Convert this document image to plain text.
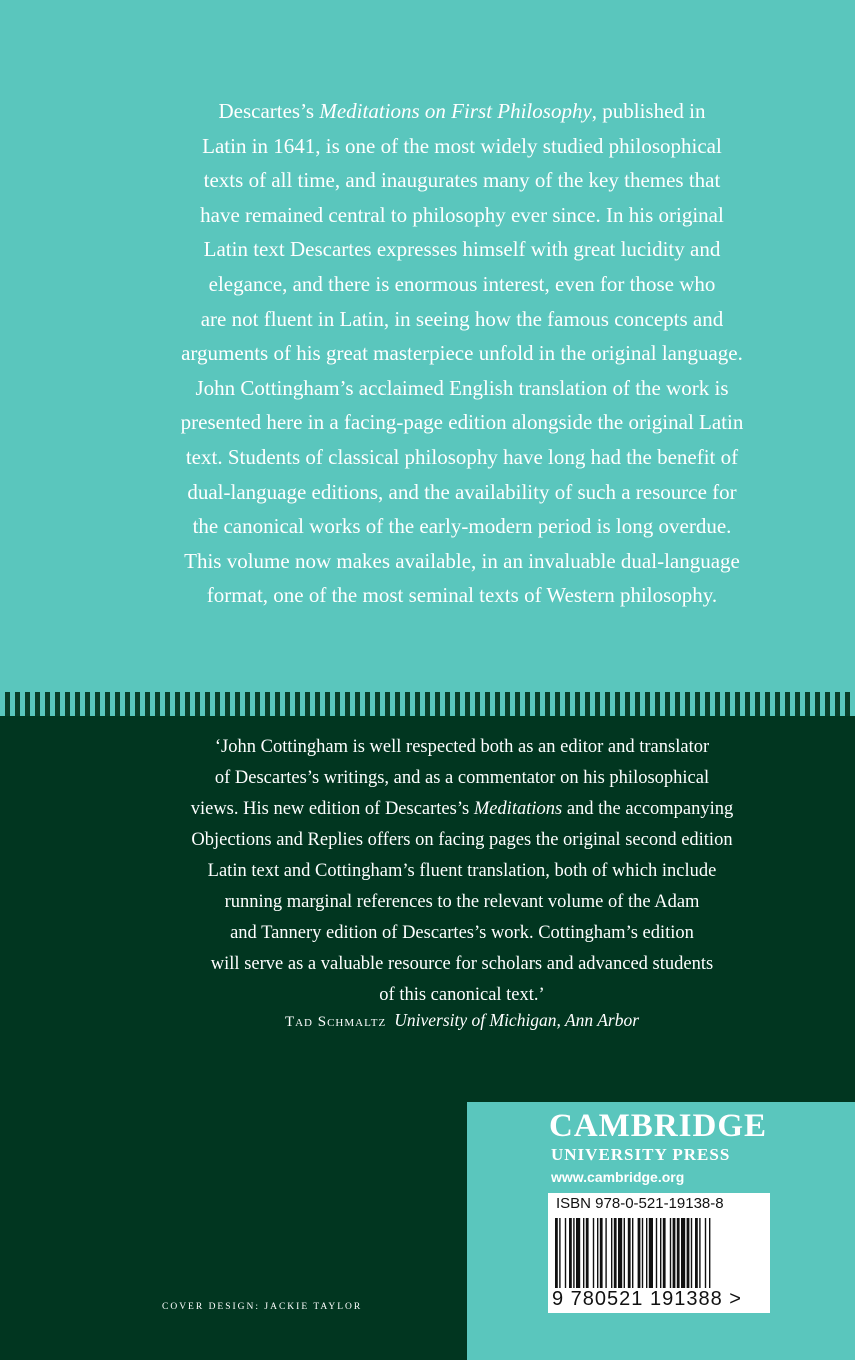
Descartes’s Meditations on First Philosophy, published in
Latin in 1641, is one of the most widely studied philosophical
texts of all time, and inaugurates many of the key themes that
have remained central to philosophy ever since. In his original
Latin text Descartes expresses himself with great lucidity and
elegance, and there is enormous interest, even for those who
are not fluent in Latin, in seeing how the famous concepts and
arguments of his great masterpiece unfold in the original language.
John Cottingham’s acclaimed English translation of the work is
presented here in a facing-page edition alongside the original Latin
text. Students of classical philosophy have long had the benefit of
dual-language editions, and the availability of such a resource for
the canonical works of the early-modern period is long overdue.
This volume now makes available, in an invaluable dual-language
format, one of the most seminal texts of Western philosophy.
‘John Cottingham is well respected both as an editor and translator
of Descartes’s writings, and as a commentator on his philosophical
views. His new edition of Descartes’s Meditations and the accompanying
Objections and Replies offers on facing pages the original second edition
Latin text and Cottingham’s fluent translation, both of which include
running marginal references to the relevant volume of the Adam
and Tannery edition of Descartes’s work. Cottingham’s edition
will serve as a valuable resource for scholars and advanced students
of this canonical text.’
Tad Schmaltz University of Michigan, Ann Arbor
COVER DESIGN: JACKIE TAYLOR
CAMBRIDGE
UNIVERSITY PRESS
www.cambridge.org
ISBN 978-0-521-19138-8
9 780521 191388 >
